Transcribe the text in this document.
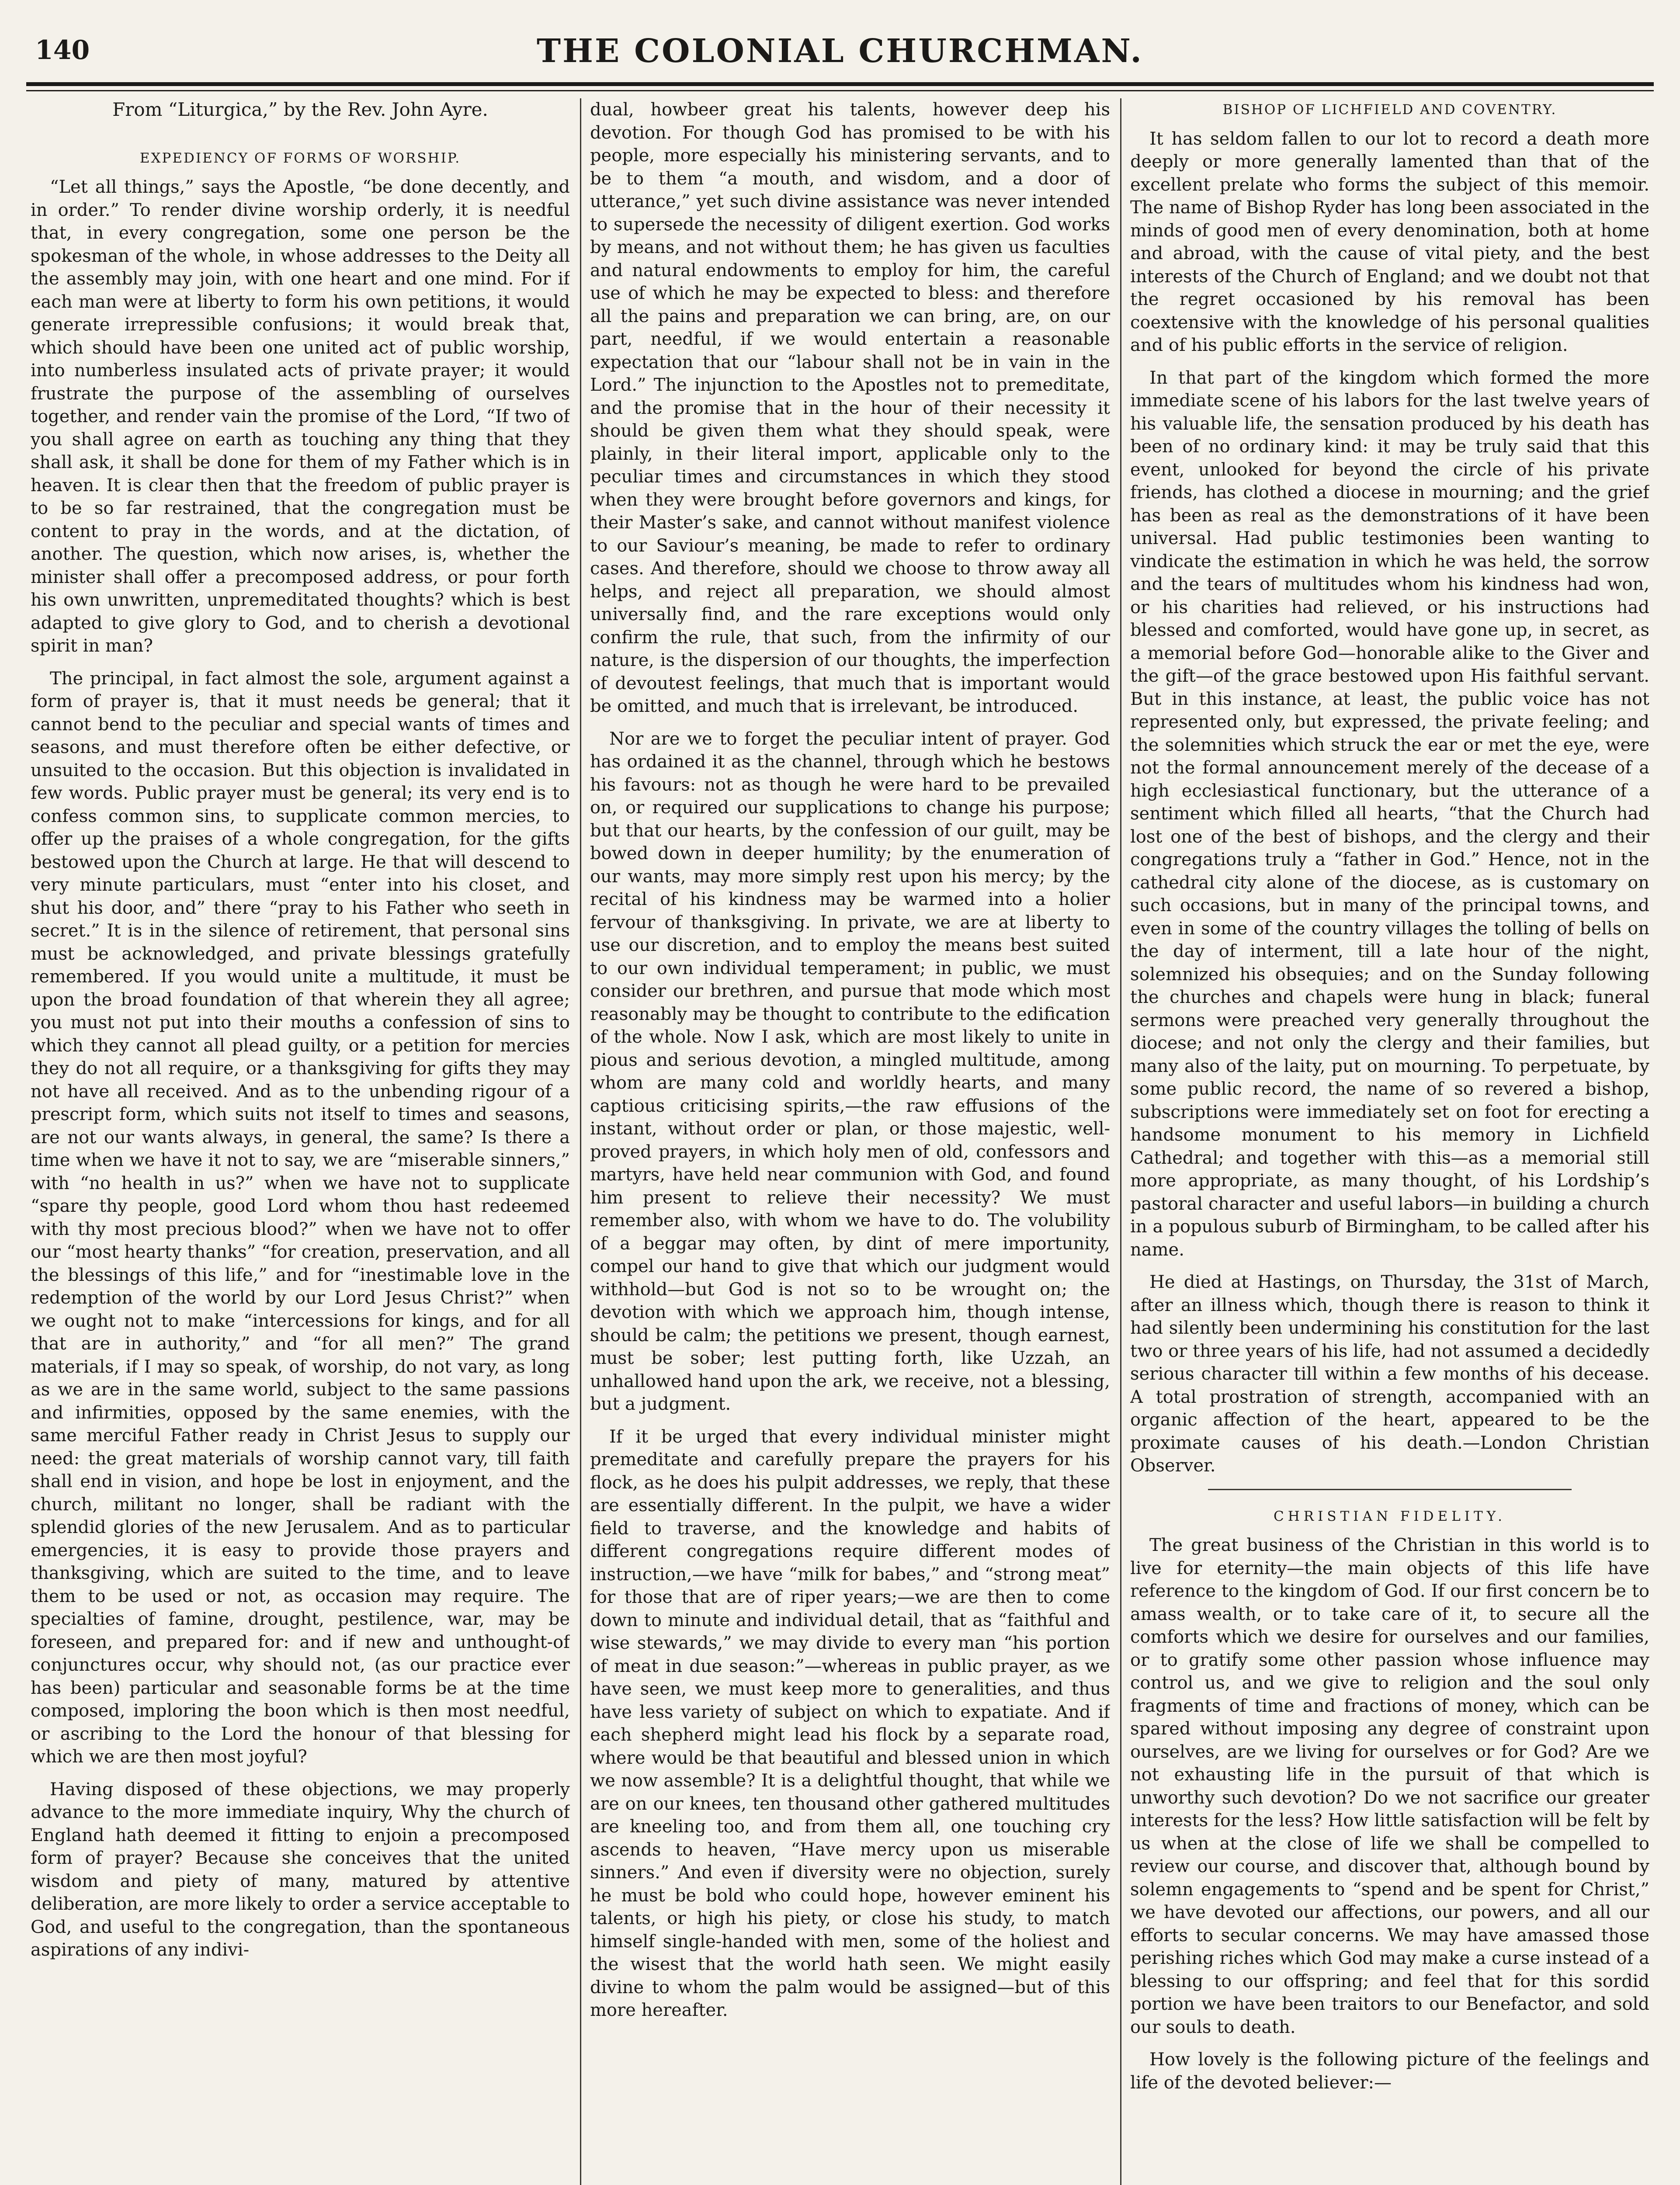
140	THE COLONIAL CHURCHMAN.

From “Liturgica,” by the Rev. John Ayre.

EXPEDIENCY OF FORMS OF WORSHIP.

“Let all things,” says the Apostle, “be done decently, and in order.” To render divine worship orderly, it is needful that, in every congregation, some one person be the spokesman of the whole, in whose addresses to the Deity all the assembly may join, with one heart and one mind. For if each man were at liberty to form his own petitions, it would generate irrepressible confusions; it would break that, which should have been one united act of public worship, into numberless insulated acts of private prayer; it would frustrate the purpose of the assembling of ourselves together, and render vain the promise of the Lord, “If two of you shall agree on earth as touching any thing that they shall ask, it shall be done for them of my Father which is in heaven. It is clear then that the freedom of public prayer is to be so far restrained, that the congregation must be content to pray in the words, and at the dictation, of another. The question, which now arises, is, whether the minister shall offer a precomposed address, or pour forth his own unwritten, unpremeditated thoughts? which is best adapted to give glory to God, and to cherish a devotional spirit in man?

The principal, in fact almost the sole, argument against a form of prayer is, that it must needs be general; that it cannot bend to the peculiar and special wants of times and seasons, and must therefore often be either defective, or unsuited to the occasion. But this objection is invalidated in few words. Public prayer must be general; its very end is to confess common sins, to supplicate common mercies, to offer up the praises of a whole congregation, for the gifts bestowed upon the Church at large. He that will descend to very minute particulars, must “enter into his closet, and shut his door, and” there “pray to his Father who seeth in secret.” It is in the silence of retirement, that personal sins must be acknowledged, and private blessings gratefully remembered. If you would unite a multitude, it must be upon the broad foundation of that wherein they all agree; you must not put into their mouths a confession of sins to which they cannot all plead guilty, or a petition for mercies they do not all require, or a thanksgiving for gifts they may not have all received. And as to the unbending rigour of a prescript form, which suits not itself to times and seasons, are not our wants always, in general, the same? Is there a time when we have it not to say, we are “miserable sinners,” with “no health in us?” when we have not to supplicate “spare thy people, good Lord whom thou hast redeemed with thy most precious blood?” when we have not to offer our “most hearty thanks” “for creation, preservation, and all the blessings of this life,” and for “inestimable love in the redemption of the world by our Lord Jesus Christ?” when we ought not to make “intercessions for kings, and for all that are in authority,” and “for all men?” The grand materials, if I may so speak, of worship, do not vary, as long as we are in the same world, subject to the same passions and infirmities, opposed by the same enemies, with the same merciful Father ready in Christ Jesus to supply our need: the great materials of worship cannot vary, till faith shall end in vision, and hope be lost in enjoyment, and the church, militant no longer, shall be radiant with the splendid glories of the new Jerusalem. And as to particular emergencies, it is easy to provide those prayers and thanksgiving, which are suited to the time, and to leave them to be used or not, as occasion may require. The specialties of famine, drought, pestilence, war, may be foreseen, and prepared for: and if new and unthought-of conjunctures occur, why should not, (as our practice ever has been) particular and seasonable forms be at the time composed, imploring the boon which is then most needful, or ascribing to the Lord the honour of that blessing for which we are then most joyful?

Having disposed of these objections, we may properly advance to the more immediate inquiry, Why the church of England hath deemed it fitting to enjoin a precomposed form of prayer? Because she conceives that the united wisdom and piety of many, matured by attentive deliberation, are more likely to order a service acceptable to God, and useful to the congregation, than the spontaneous aspirations of any indivi-

dual, howbeer great his talents, however deep his devotion. For though God has promised to be with his people, more especially his ministering servants, and to be to them “a mouth, and wisdom, and a door of utterance,” yet such divine assistance was never intended to supersede the necessity of diligent exertion. God works by means, and not without them; he has given us faculties and natural endowments to employ for him, the careful use of which he may be expected to bless: and therefore all the pains and preparation we can bring, are, on our part, needful, if we would entertain a reasonable expectation that our “labour shall not be in vain in the Lord.” The injunction to the Apostles not to premeditate, and the promise that in the hour of their necessity it should be given them what they should speak, were plainly, in their literal import, applicable only to the peculiar times and circumstances in which they stood when they were brought before governors and kings, for their Master’s sake, and cannot without manifest violence to our Saviour’s meaning, be made to refer to ordinary cases. And therefore, should we choose to throw away all helps, and reject all preparation, we should almost universally find, and the rare exceptions would only confirm the rule, that such, from the infirmity of our nature, is the dispersion of our thoughts, the imperfection of devoutest feelings, that much that is important would be omitted, and much that is irrelevant, be introduced.

Nor are we to forget the peculiar intent of prayer. God has ordained it as the channel, through which he bestows his favours: not as though he were hard to be prevailed on, or required our supplications to change his purpose; but that our hearts, by the confession of our guilt, may be bowed down in deeper humility; by the enumeration of our wants, may more simply rest upon his mercy; by the recital of his kindness may be warmed into a holier fervour of thanksgiving. In private, we are at liberty to use our discretion, and to employ the means best suited to our own individual temperament; in public, we must consider our brethren, and pursue that mode which most reasonably may be thought to contribute to the edification of the whole. Now I ask, which are most likely to unite in pious and serious devotion, a mingled multitude, among whom are many cold and worldly hearts, and many captious criticising spirits,—the raw effusions of the instant, without order or plan, or those majestic, well-proved prayers, in which holy men of old, confessors and martyrs, have held near communion with God, and found him present to relieve their necessity? We must remember also, with whom we have to do. The volubility of a beggar may often, by dint of mere importunity, compel our hand to give that which our judgment would withhold—but God is not so to be wrought on; the devotion with which we approach him, though intense, should be calm; the petitions we present, though earnest, must be sober; lest putting forth, like Uzzah, an unhallowed hand upon the ark, we receive, not a blessing, but a judgment.

If it be urged that every individual minister might premeditate and carefully prepare the prayers for his flock, as he does his pulpit addresses, we reply, that these are essentially different. In the pulpit, we have a wider field to traverse, and the knowledge and habits of different congregations require different modes of instruction,—we have “milk for babes,” and “strong meat” for those that are of riper years;—we are then to come down to minute and individual detail, that as “faithful and wise stewards,” we may divide to every man “his portion of meat in due season:”—whereas in public prayer, as we have seen, we must keep more to generalities, and thus have less variety of subject on which to expatiate. And if each shepherd might lead his flock by a separate road, where would be that beautiful and blessed union in which we now assemble? It is a delightful thought, that while we are on our knees, ten thousand other gathered multitudes are kneeling too, and from them all, one touching cry ascends to heaven, “Have mercy upon us miserable sinners.” And even if diversity were no objection, surely he must be bold who could hope, however eminent his talents, or high his piety, or close his study, to match himself single-handed with men, some of the holiest and the wisest that the world hath seen. We might easily divine to whom the palm would be assigned—but of this more hereafter.

BISHOP OF LICHFIELD AND COVENTRY.

It has seldom fallen to our lot to record a death more deeply or more generally lamented than that of the excellent prelate who forms the subject of this memoir. The name of Bishop Ryder has long been associated in the minds of good men of every denomination, both at home and abroad, with the cause of vital piety, and the best interests of the Church of England; and we doubt not that the regret occasioned by his removal has been coextensive with the knowledge of his personal qualities and of his public efforts in the service of religion.

In that part of the kingdom which formed the more immediate scene of his labors for the last twelve years of his valuable life, the sensation produced by his death has been of no ordinary kind: it may be truly said that this event, unlooked for beyond the circle of his private friends, has clothed a diocese in mourning; and the grief has been as real as the demonstrations of it have been universal. Had public testimonies been wanting to vindicate the estimation in which he was held, the sorrow and the tears of multitudes whom his kindness had won, or his charities had relieved, or his instructions had blessed and comforted, would have gone up, in secret, as a memorial before God—honorable alike to the Giver and the gift—of the grace bestowed upon His faithful servant. But in this instance, at least, the public voice has not represented only, but expressed, the private feeling; and the solemnities which struck the ear or met the eye, were not the formal announcement merely of the decease of a high ecclesiastical functionary, but the utterance of a sentiment which filled all hearts, “that the Church had lost one of the best of bishops, and the clergy and their congregations truly a “father in God.” Hence, not in the cathedral city alone of the diocese, as is customary on such occasions, but in many of the principal towns, and even in some of the country villages the tolling of bells on the day of interment, till a late hour of the night, solemnized his obsequies; and on the Sunday following the churches and chapels were hung in black; funeral sermons were preached very generally throughout the diocese; and not only the clergy and their families, but many also of the laity, put on mourning. To perpetuate, by some public record, the name of so revered a bishop, subscriptions were immediately set on foot for erecting a handsome monument to his memory in Lichfield Cathedral; and together with this—as a memorial still more appropriate, as many thought, of his Lordship’s pastoral character and useful labors—in building a church in a populous suburb of Birmingham, to be called after his name.

He died at Hastings, on Thursday, the 31st of March, after an illness which, though there is reason to think it had silently been undermining his constitution for the last two or three years of his life, had not assumed a decidedly serious character till within a few months of his decease. A total prostration of strength, accompanied with an organic affection of the heart, appeared to be the proximate causes of his death.—London Christian Observer.

CHRISTIAN FIDELITY.

The great business of the Christian in this world is to live for eternity—the main objects of this life have reference to the kingdom of God. If our first concern be to amass wealth, or to take care of it, to secure all the comforts which we desire for ourselves and our families, or to gratify some other passion whose influence may control us, and we give to religion and the soul only fragments of time and fractions of money, which can be spared without imposing any degree of constraint upon ourselves, are we living for ourselves or for God? Are we not exhausting life in the pursuit of that which is unworthy such devotion? Do we not sacrifice our greater interests for the less? How little satisfaction will be felt by us when at the close of life we shall be compelled to review our course, and discover that, although bound by solemn engagements to “spend and be spent for Christ,” we have devoted our affections, our powers, and all our efforts to secular concerns. We may have amassed those perishing riches which God may make a curse instead of a blessing to our offspring; and feel that for this sordid portion we have been traitors to our Benefactor, and sold our souls to death.

How lovely is the following picture of the feelings and life of the devoted believer:—
